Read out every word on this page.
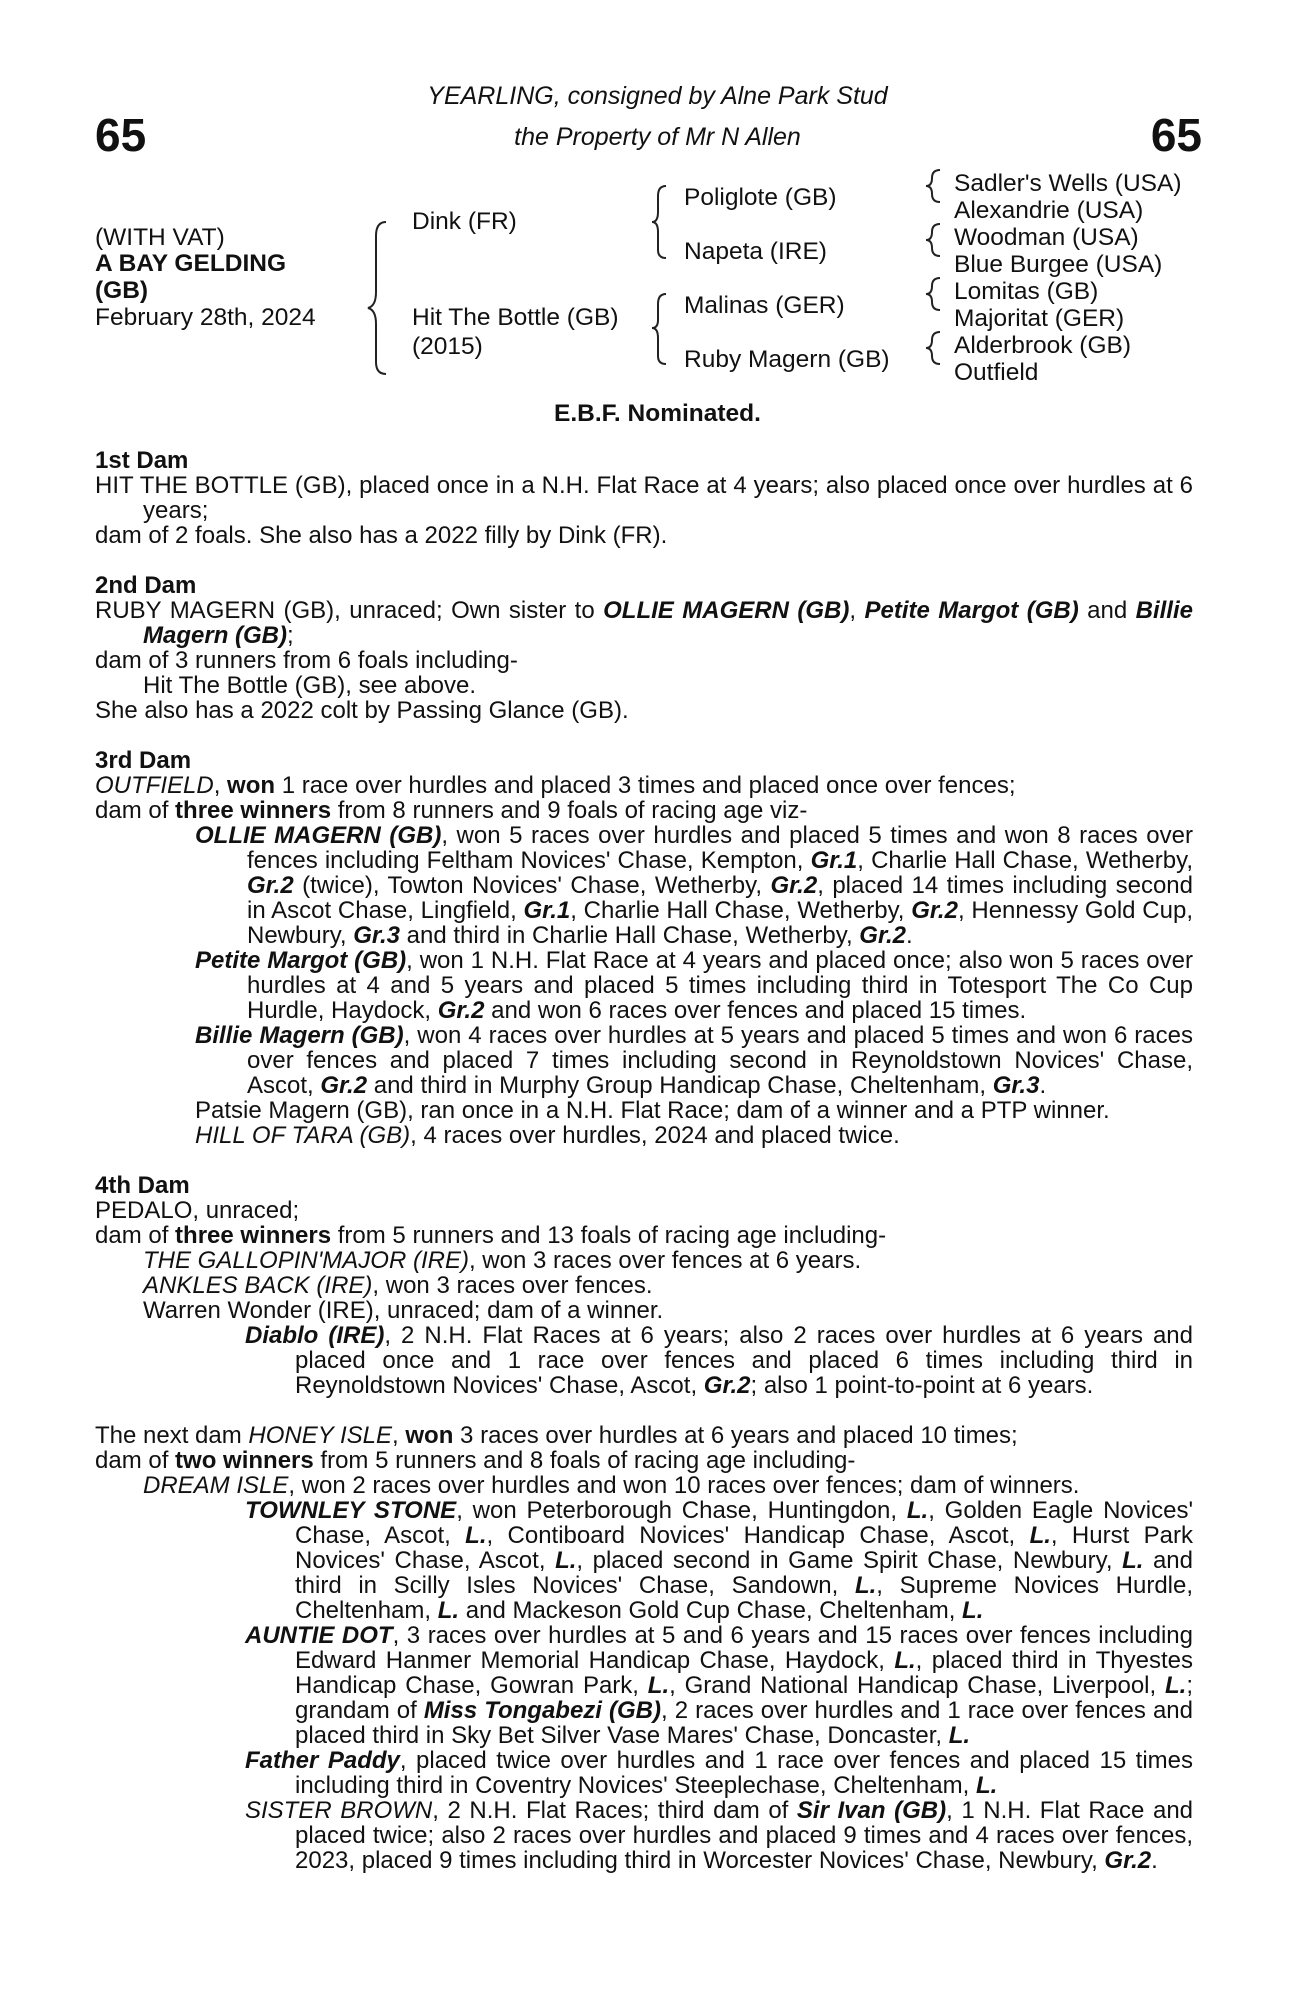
65	65
YEARLING, consigned by Alne Park Stud
the Property of Mr N Allen
(WITH VAT)
A BAY GELDING
(GB)
February 28th, 2024
Dink (FR)
Hit The Bottle (GB)
(2015)
Poliglote (GB)
Napeta (IRE)
Malinas (GER)
Ruby Magern (GB)
Sadler's Wells (USA)
Alexandrie (USA)
Woodman (USA)
Blue Burgee (USA)
Lomitas (GB)
Majoritat (GER)
Alderbrook (GB)
Outfield
E.B.F. Nominated.
1st Dam

HIT THE BOTTLE (GB), placed once in a N.H. Flat Race at 4 years; also placed once over hurdles at 6 years;

dam of 2 foals. She also has a 2022 filly by Dink (FR).

2nd Dam

RUBY MAGERN (GB), unraced; Own sister to OLLIE MAGERN (GB), Petite Margot (GB) and Billie Magern (GB);

dam of 3 runners from 6 foals including-

Hit The Bottle (GB), see above.

She also has a 2022 colt by Passing Glance (GB).

3rd Dam

OUTFIELD, won 1 race over hurdles and placed 3 times and placed once over fences;

dam of three winners from 8 runners and 9 foals of racing age viz-

OLLIE MAGERN (GB), won 5 races over hurdles and placed 5 times and won 8 races over fences including Feltham Novices' Chase, Kempton, Gr.1, Charlie Hall Chase, Wetherby, Gr.2 (twice), Towton Novices' Chase, Wetherby, Gr.2, placed 14 times including second in Ascot Chase, Lingfield, Gr.1, Charlie Hall Chase, Wetherby, Gr.2, Hennessy Gold Cup, Newbury, Gr.3 and third in Charlie Hall Chase, Wetherby, Gr.2.

Petite Margot (GB), won 1 N.H. Flat Race at 4 years and placed once; also won 5 races over hurdles at 4 and 5 years and placed 5 times including third in Totesport The Co Cup Hurdle, Haydock, Gr.2 and won 6 races over fences and placed 15 times.

Billie Magern (GB), won 4 races over hurdles at 5 years and placed 5 times and won 6 races over fences and placed 7 times including second in Reynoldstown Novices' Chase, Ascot, Gr.2 and third in Murphy Group Handicap Chase, Cheltenham, Gr.3.

Patsie Magern (GB), ran once in a N.H. Flat Race; dam of a winner and a PTP winner.

HILL OF TARA (GB), 4 races over hurdles, 2024 and placed twice.

4th Dam

PEDALO, unraced;

dam of three winners from 5 runners and 13 foals of racing age including-

THE GALLOPIN'MAJOR (IRE), won 3 races over fences at 6 years.

ANKLES BACK (IRE), won 3 races over fences.

Warren Wonder (IRE), unraced; dam of a winner.

Diablo (IRE), 2 N.H. Flat Races at 6 years; also 2 races over hurdles at 6 years and placed once and 1 race over fences and placed 6 times including third in Reynoldstown Novices' Chase, Ascot, Gr.2; also 1 point-to-point at 6 years.

The next dam HONEY ISLE, won 3 races over hurdles at 6 years and placed 10 times;

dam of two winners from 5 runners and 8 foals of racing age including-

DREAM ISLE, won 2 races over hurdles and won 10 races over fences; dam of winners.

TOWNLEY STONE, won Peterborough Chase, Huntingdon, L., Golden Eagle Novices' Chase, Ascot, L., Contiboard Novices' Handicap Chase, Ascot, L., Hurst Park Novices' Chase, Ascot, L., placed second in Game Spirit Chase, Newbury, L. and third in Scilly Isles Novices' Chase, Sandown, L., Supreme Novices Hurdle, Cheltenham, L. and Mackeson Gold Cup Chase, Cheltenham, L.

AUNTIE DOT, 3 races over hurdles at 5 and 6 years and 15 races over fences including Edward Hanmer Memorial Handicap Chase, Haydock, L., placed third in Thyestes Handicap Chase, Gowran Park, L., Grand National Handicap Chase, Liverpool, L.; grandam of Miss Tongabezi (GB), 2 races over hurdles and 1 race over fences and placed third in Sky Bet Silver Vase Mares' Chase, Doncaster, L.

Father Paddy, placed twice over hurdles and 1 race over fences and placed 15 times including third in Coventry Novices' Steeplechase, Cheltenham, L.

SISTER BROWN, 2 N.H. Flat Races; third dam of Sir Ivan (GB), 1 N.H. Flat Race and placed twice; also 2 races over hurdles and placed 9 times and 4 races over fences, 2023, placed 9 times including third in Worcester Novices' Chase, Newbury, Gr.2.
